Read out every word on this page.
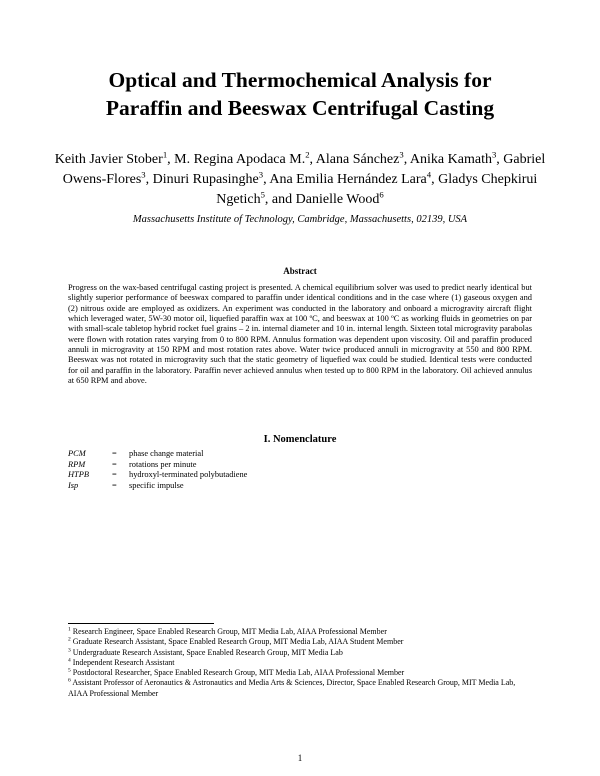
Optical and Thermochemical Analysis for
Paraffin and Beeswax Centrifugal Casting
Keith Javier Stober$^1$, M. Regina Apodaca M.$^2$, Alana Sánchez$^3$, Anika Kamath$^3$, Gabriel Owens-Flores$^3$, Dinuri Rupasinghe$^3$, Ana Emilia Hernández Lara$^4$, Gladys Chepkirui Ngetich$^5$, and Danielle Wood$^6$
Massachusetts Institute of Technology, Cambridge, Massachusetts, 02139, USA
Abstract
Progress on the wax-based centrifugal casting project is presented. A chemical equilibrium solver was used to predict nearly identical but slightly superior performance of beeswax compared to paraffin under identical conditions and in the case where (1) gaseous oxygen and (2) nitrous oxide are employed as oxidizers. An experiment was conducted in the laboratory and onboard a microgravity aircraft flight which leveraged water, 5W-30 motor oil, liquefied paraffin wax at 100 ºC, and beeswax at 100 ºC as working fluids in geometries on par with small-scale tabletop hybrid rocket fuel grains – 2 in. internal diameter and 10 in. internal length. Sixteen total microgravity parabolas were flown with rotation rates varying from 0 to 800 RPM. Annulus formation was dependent upon viscosity. Oil and paraffin produced annuli in microgravity at 150 RPM and most rotation rates above. Water twice produced annuli in microgravity at 550 and 800 RPM. Beeswax was not rotated in microgravity such that the static geometry of liquefied wax could be studied. Identical tests were conducted for oil and paraffin in the laboratory. Paraffin never achieved annulus when tested up to 800 RPM in the laboratory. Oil achieved annulus at 650 RPM and above.
I. Nomenclature
PCM	=	phase change material
RPM	=	rotations per minute
HTPB	=	hydroxyl-terminated polybutadiene
Isp	=	specific impulse
$^1$ Research Engineer, Space Enabled Research Group, MIT Media Lab, AIAA Professional Member
$^2$ Graduate Research Assistant, Space Enabled Research Group, MIT Media Lab, AIAA Student Member
$^3$ Undergraduate Research Assistant, Space Enabled Research Group, MIT Media Lab
$^4$ Independent Research Assistant
$^5$ Postdoctoral Researcher, Space Enabled Research Group, MIT Media Lab, AIAA Professional Member
$^6$ Assistant Professor of Aeronautics & Astronautics and Media Arts & Sciences, Director, Space Enabled Research Group, MIT Media Lab, AIAA Professional Member
1
